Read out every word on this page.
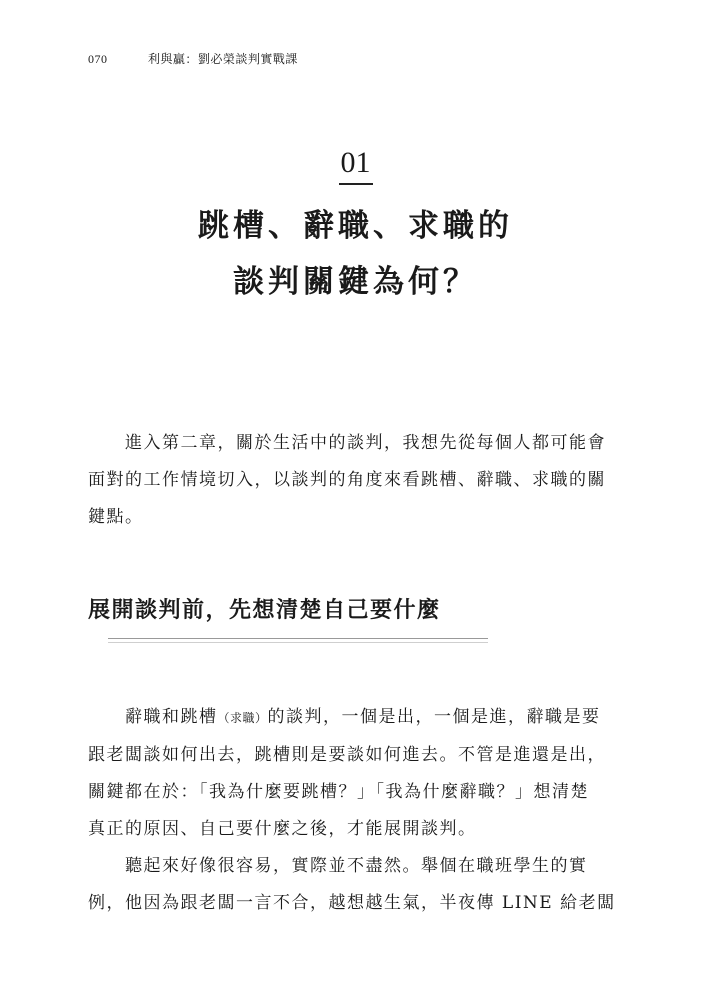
070	利與贏：劉必榮談判實戰課
01
跳槽、辭職、求職的
談判關鍵為何？

進入第二章，關於生活中的談判，我想先從每個人都可能會
面對的工作情境切入，以談判的角度來看跳槽、辭職、求職的關
鍵點。

展開談判前，先想清楚自己要什麼

辭職和跳槽（求職）的談判，一個是出，一個是進，辭職是要
跟老闆談如何出去，跳槽則是要談如何進去。不管是進還是出，
關鍵都在於：「我為什麼要跳槽？」「我為什麼辭職？」想清楚
真正的原因、自己要什麼之後，才能展開談判。
聽起來好像很容易，實際並不盡然。舉個在職班學生的實
例，他因為跟老闆一言不合，越想越生氣，半夜傳 LINE 給老闆
